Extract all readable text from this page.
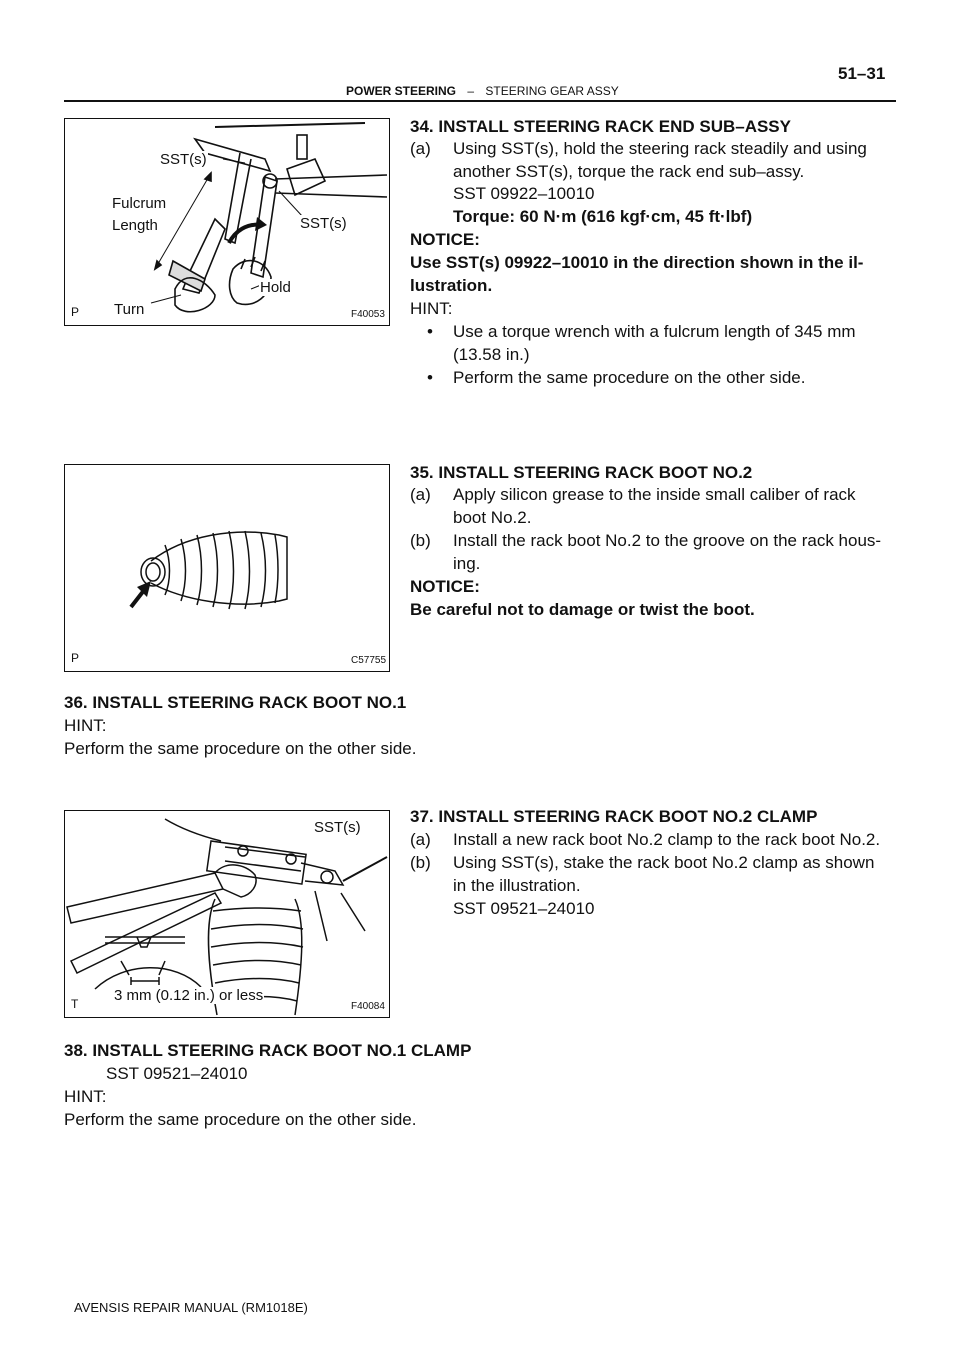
POWER STEERING – STEERING GEAR ASSY
51–31
SST(s)
Fulcrum
Length	SST(s)
Hold
Turn
P	F40053
P	C57755
SST(s)
3 mm (0.12 in.) or less
T	F40084
34. INSTALL STEERING RACK END SUB–ASSY
(a) Using SST(s), hold the steering rack steadily and using
another SST(s), torque the rack end sub–assy.
SST 09922–10010
Torque: 60 N·m (616 kgf·cm, 45 ft·lbf)
NOTICE:
Use SST(s) 09922–10010 in the direction shown in the il-
lustration.
HINT:
• Use a torque wrench with a fulcrum length of 345 mm
(13.58 in.)
• Perform the same procedure on the other side.
35. INSTALL STEERING RACK BOOT NO.2
(a) Apply silicon grease to the inside small caliber of rack
boot No.2.
(b) Install the rack boot No.2 to the groove on the rack hous-
ing.
NOTICE:
Be careful not to damage or twist the boot.
36. INSTALL STEERING RACK BOOT NO.1
HINT:
Perform the same procedure on the other side.
37. INSTALL STEERING RACK BOOT NO.2 CLAMP
(a) Install a new rack boot No.2 clamp to the rack boot No.2.
(b) Using SST(s), stake the rack boot No.2 clamp as shown
in the illustration.
SST 09521–24010
38. INSTALL STEERING RACK BOOT NO.1 CLAMP
SST 09521–24010
HINT:
Perform the same procedure on the other side.
AVENSIS REPAIR MANUAL (RM1018E)
